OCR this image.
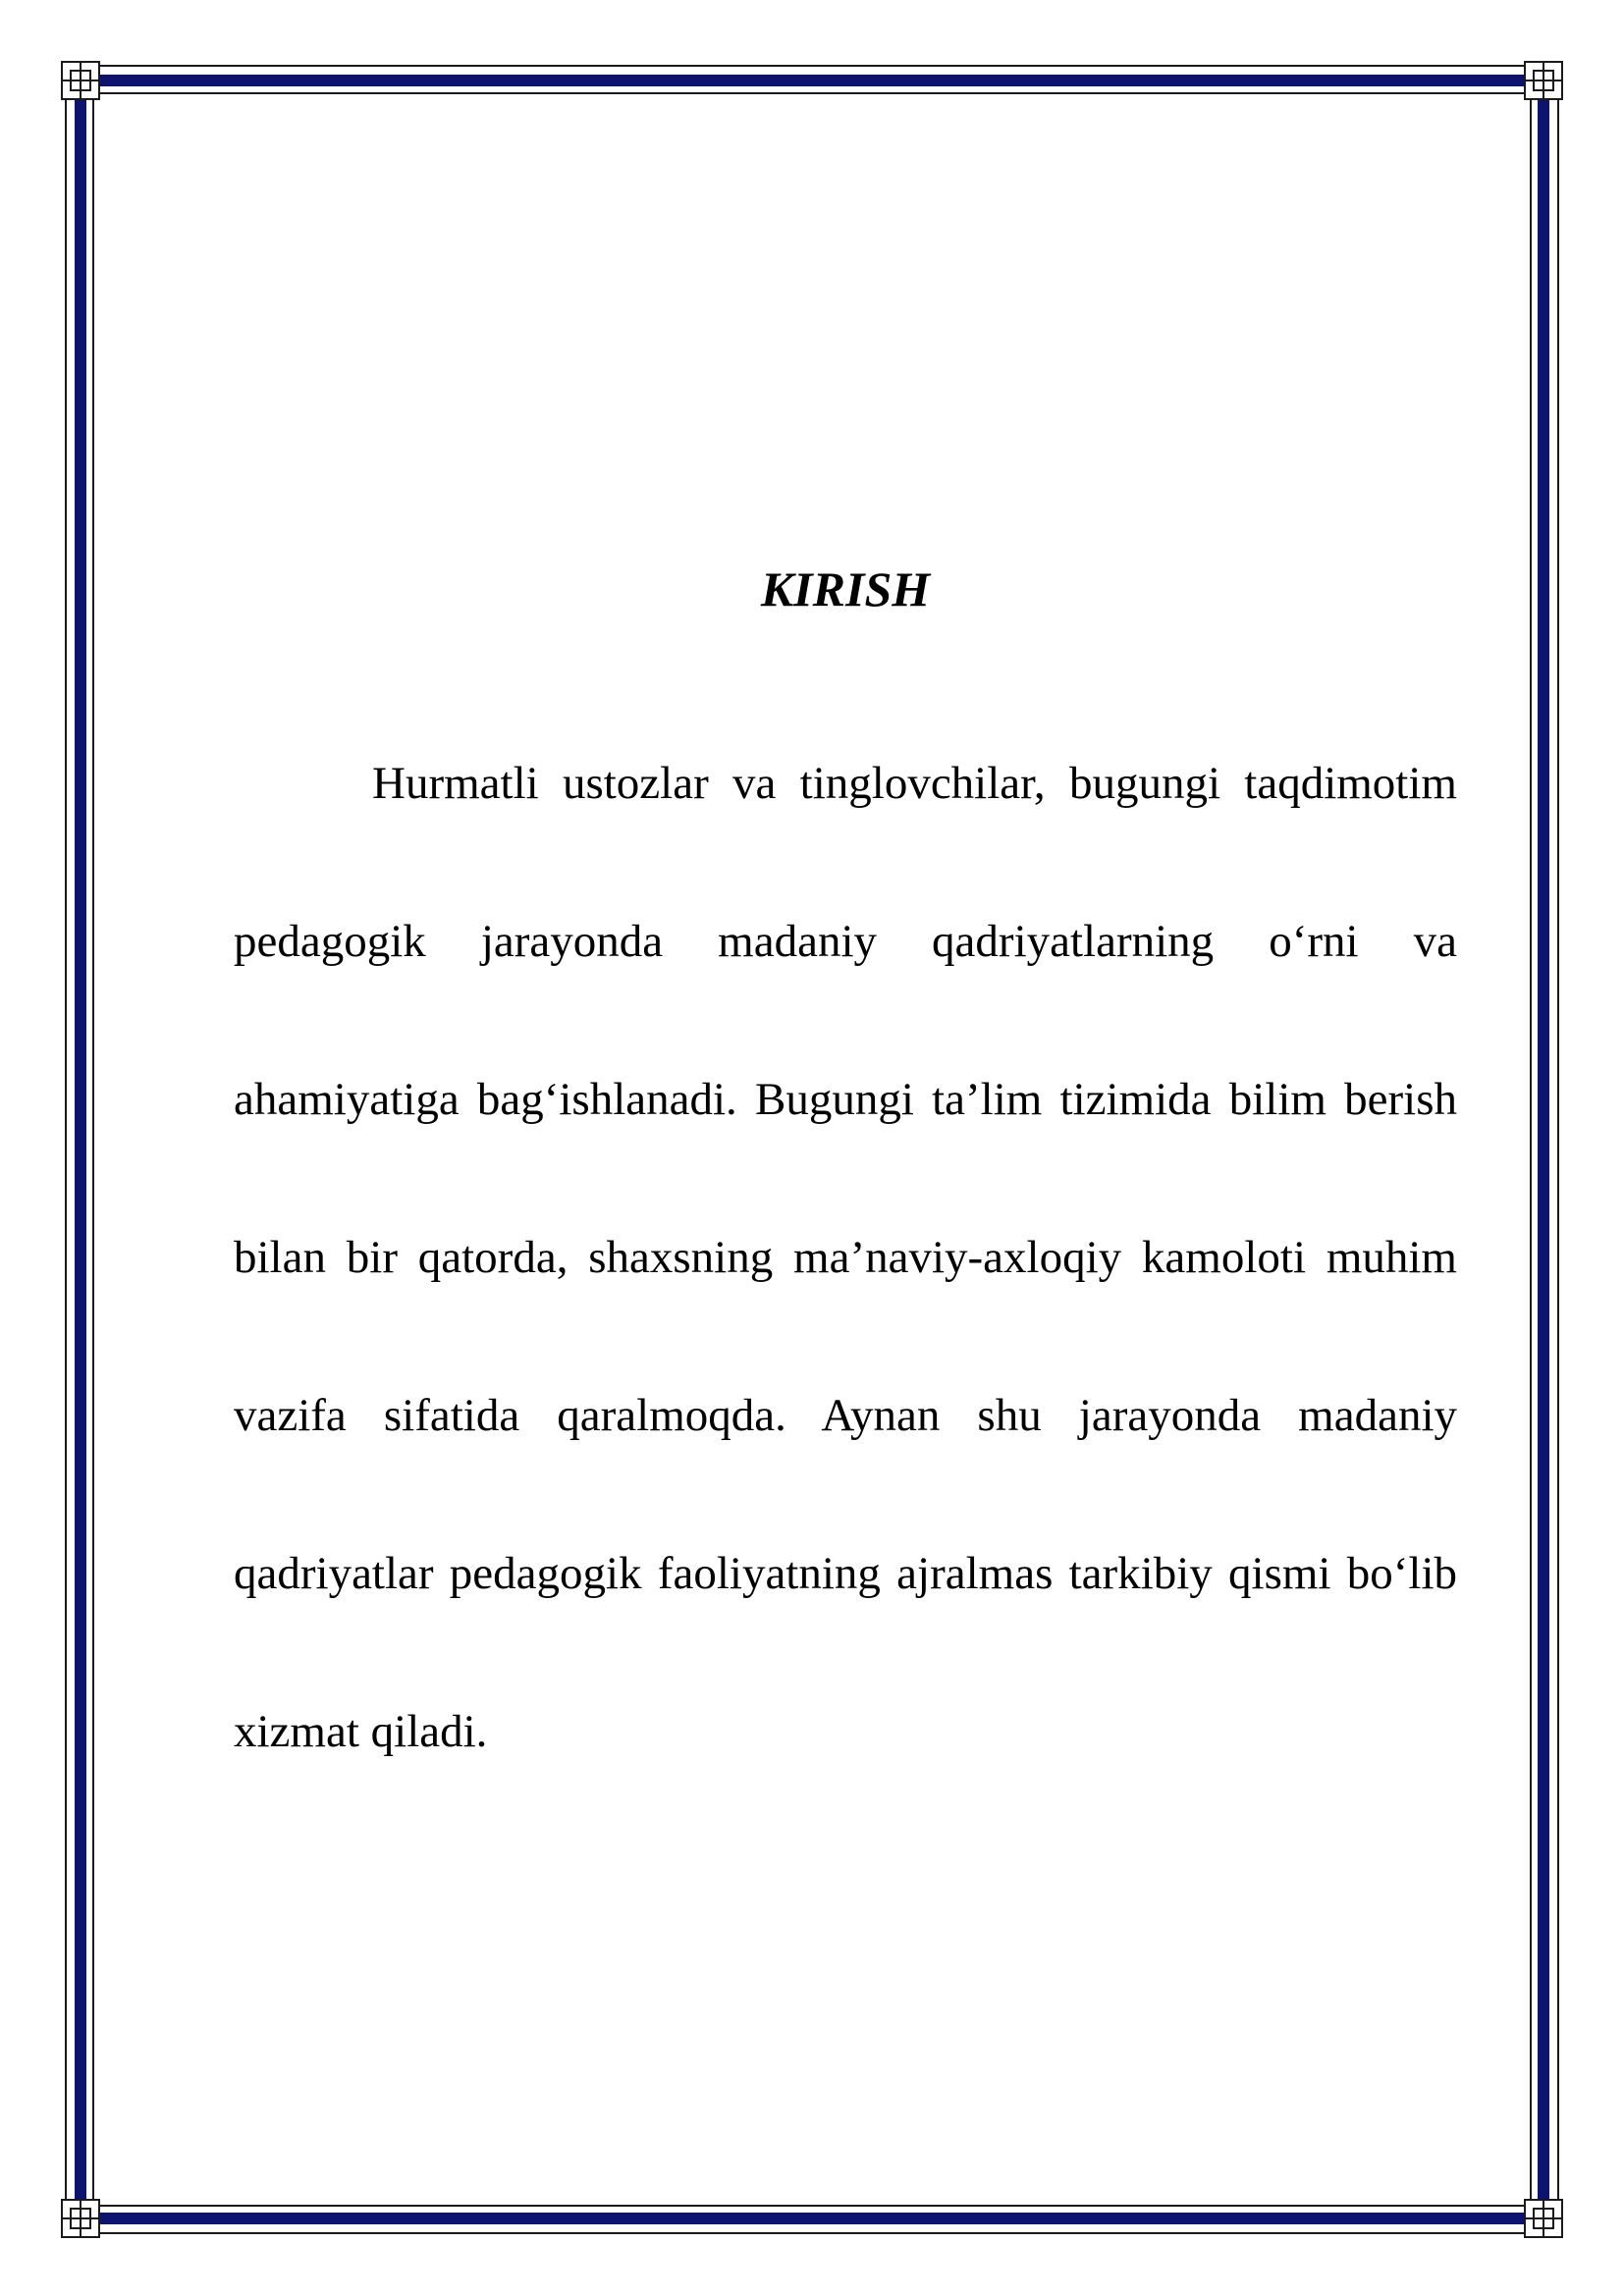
KIRISH

Hurmatli ustozlar va tinglovchilar, bugungi taqdimotim pedagogik jarayonda madaniy qadriyatlarning o‘rni va ahamiyatiga bag‘ishlanadi. Bugungi ta’lim tizimida bilim berish bilan bir qatorda, shaxsning ma’naviy-axloqiy kamoloti muhim vazifa sifatida qaralmoqda. Aynan shu jarayonda madaniy qadriyatlar pedagogik faoliyatning ajralmas tarkibiy qismi bo‘lib xizmat qiladi.
